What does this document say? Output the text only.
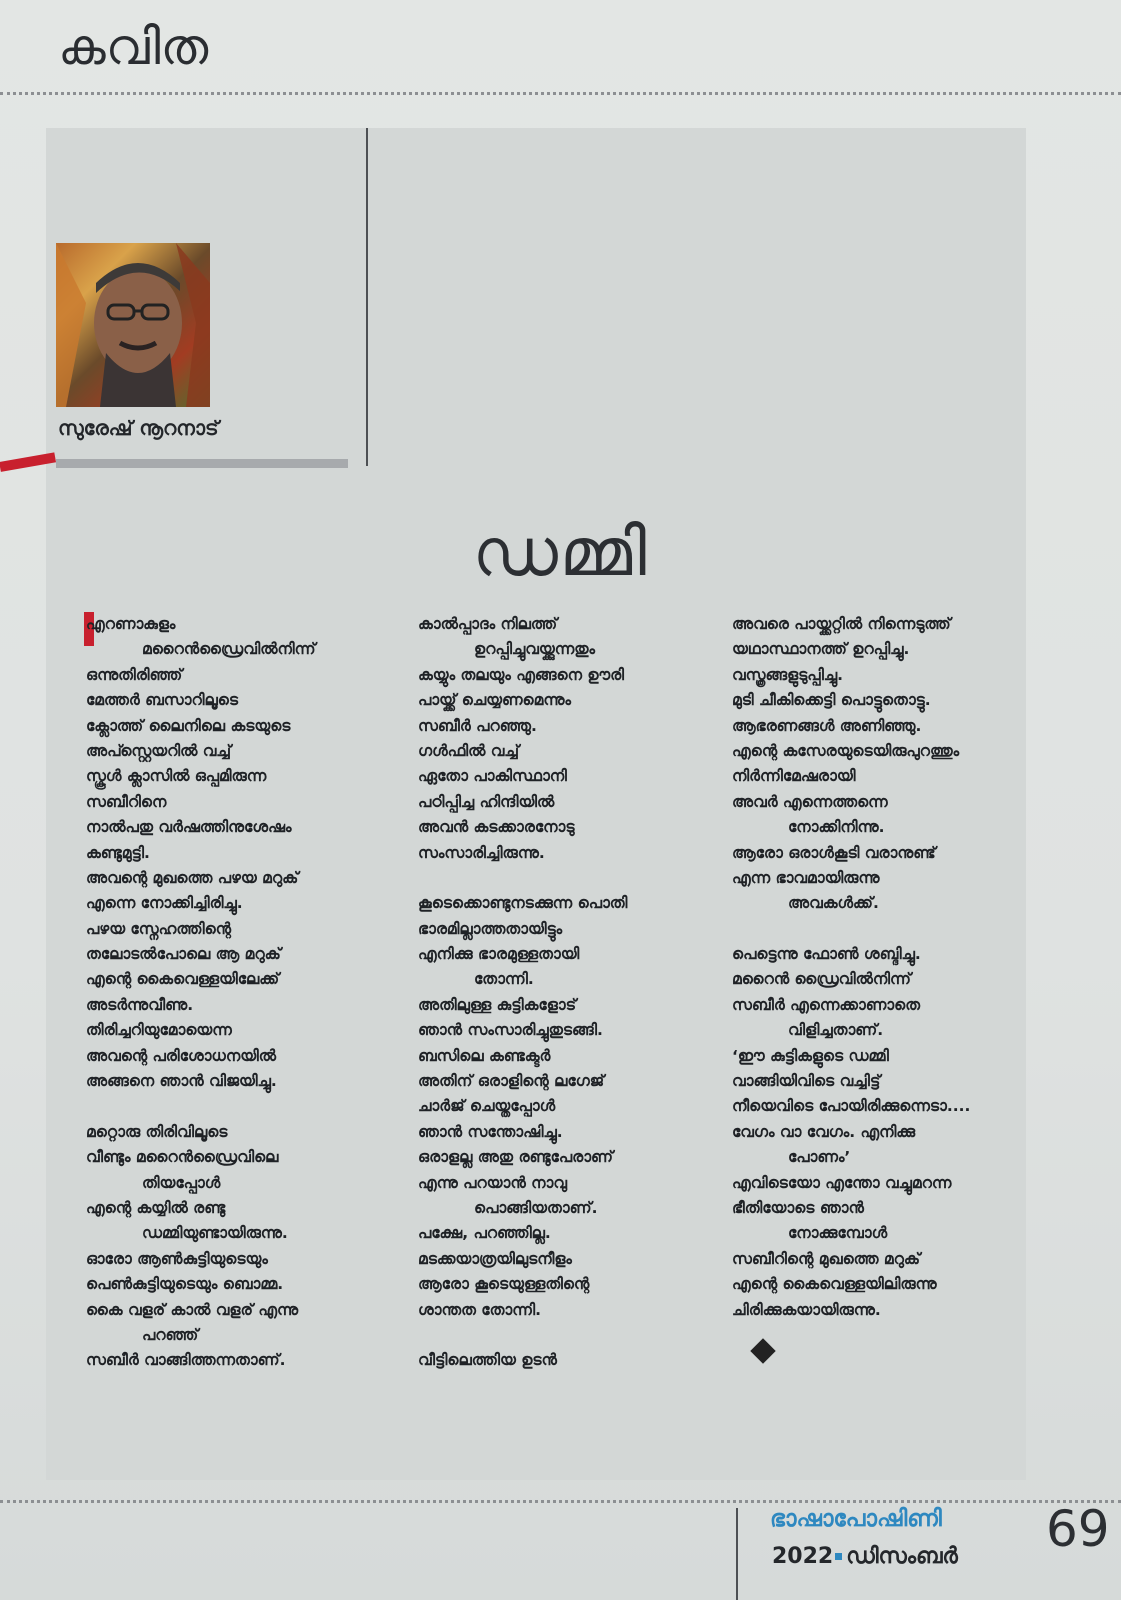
കവിത
സുരേഷ് നൂറനാട്
ഡമ്മി
എറണാകുളം
മറൈൻഡ്രൈവിൽനിന്ന്
ഒന്നുതിരിഞ്ഞ്
മേത്തർ ബസാറിലൂടെ
ക്ലോത്ത് ലൈനിലെ കടയുടെ
അപ്സ്റ്റെയറിൽ വച്ച്
സ്കൂൾ ക്ലാസിൽ ഒപ്പമിരുന്ന
സബീറിനെ
നാൽപതു വർഷത്തിനുശേഷം
കണ്ടുമുട്ടി.
അവന്റെ മുഖത്തെ പഴയ മറുക്
എന്നെ നോക്കിച്ചിരിച്ചു.
പഴയ സ്നേഹത്തിന്റെ
തലോടൽപോലെ ആ മറുക്
എന്റെ കൈവെള്ളയിലേക്ക്
അടർന്നുവീണു.
തിരിച്ചറിയുമോയെന്ന
അവന്റെ പരിശോധനയിൽ
അങ്ങനെ ഞാൻ വിജയിച്ചു.
മറ്റൊരു തിരിവിലൂടെ
വീണ്ടും മറൈൻഡ്രൈവിലെ
തിയപ്പോൾ
എന്റെ കയ്യിൽ രണ്ടു
ഡമ്മിയുണ്ടായിരുന്നു.
ഓരോ ആൺകുട്ടിയുടെയും
പെൺകുട്ടിയുടെയും ബൊമ്മ.
കൈ വളര് കാൽ വളര് എന്നു
പറഞ്ഞ്
സബീർ വാങ്ങിത്തന്നതാണ്.
കാൽപ്പാദം നിലത്ത്
ഉറപ്പിച്ചുവയ്ക്കുന്നതും
കയ്യും തലയും എങ്ങനെ ഊരി
പായ്ക്ക് ചെയ്യണമെന്നും
സബീർ പറഞ്ഞു.
ഗൾഫിൽ വച്ച്
ഏതോ പാകിസ്ഥാനി
പഠിപ്പിച്ച ഹിന്ദിയിൽ
അവൻ കടക്കാരനോടു
സംസാരിച്ചിരുന്നു.
കൂടെക്കൊണ്ടുനടക്കുന്ന പൊതി
ഭാരമില്ലാത്തതായിട്ടും
എനിക്കു ഭാരമുള്ളതായി
തോന്നി.
അതിലുള്ള കുട്ടികളോട്
ഞാൻ സംസാരിച്ചുതുടങ്ങി.
ബസിലെ കണ്ടക്ടർ
അതിന് ഒരാളിന്റെ ലഗേജ്
ചാർജ് ചെയ്തപ്പോൾ
ഞാൻ സന്തോഷിച്ചു.
ഒരാളല്ല അതു രണ്ടുപേരാണ്
എന്നു പറയാൻ നാവു
പൊങ്ങിയതാണ്.
പക്ഷേ, പറഞ്ഞില്ല.
മടക്കയാത്രയിലുടനീളം
ആരോ കൂടെയുള്ളതിന്റെ
ശാന്തത തോന്നി.
വീട്ടിലെത്തിയ ഉടൻ
അവരെ പായ്ക്കറ്റിൽ നിന്നെടുത്ത്
യഥാസ്ഥാനത്ത് ഉറപ്പിച്ചു.
വസ്ത്രങ്ങളുടുപ്പിച്ചു.
മുടി ചീകിക്കെട്ടി പൊട്ടുതൊട്ടു.
ആഭരണങ്ങൾ അണിഞ്ഞു.
എന്റെ കസേരയുടെയിരുപുറത്തും
നിർന്നിമേഷരായി
അവർ എന്നെത്തന്നെ
നോക്കിനിന്നു.
ആരോ ഒരാൾകൂടി വരാനുണ്ട്
എന്ന ഭാവമായിരുന്നു
അവകൾക്ക്.
പെട്ടെന്നു ഫോൺ ശബ്ദിച്ചു.
മറൈൻ ഡ്രൈവിൽനിന്ന്
സബീർ എന്നെക്കാണാതെ
വിളിച്ചതാണ്.
‘ഈ കുട്ടികളുടെ ഡമ്മി
വാങ്ങിയിവിടെ വച്ചിട്ട്
നീയെവിടെ പോയിരിക്കുന്നെടാ....
വേഗം വാ വേഗം. എനിക്കു
പോണം’
എവിടെയോ എന്തോ വച്ചുമറന്ന
ഭീതിയോടെ ഞാൻ
നോക്കുമ്പോൾ
സബീറിന്റെ മുഖത്തെ മറുക്
എന്റെ കൈവെള്ളയിലിരുന്നു
ചിരിക്കുകയായിരുന്നു.
ഭാഷാപോഷിണി
2022 ഡിസംബർ 69
